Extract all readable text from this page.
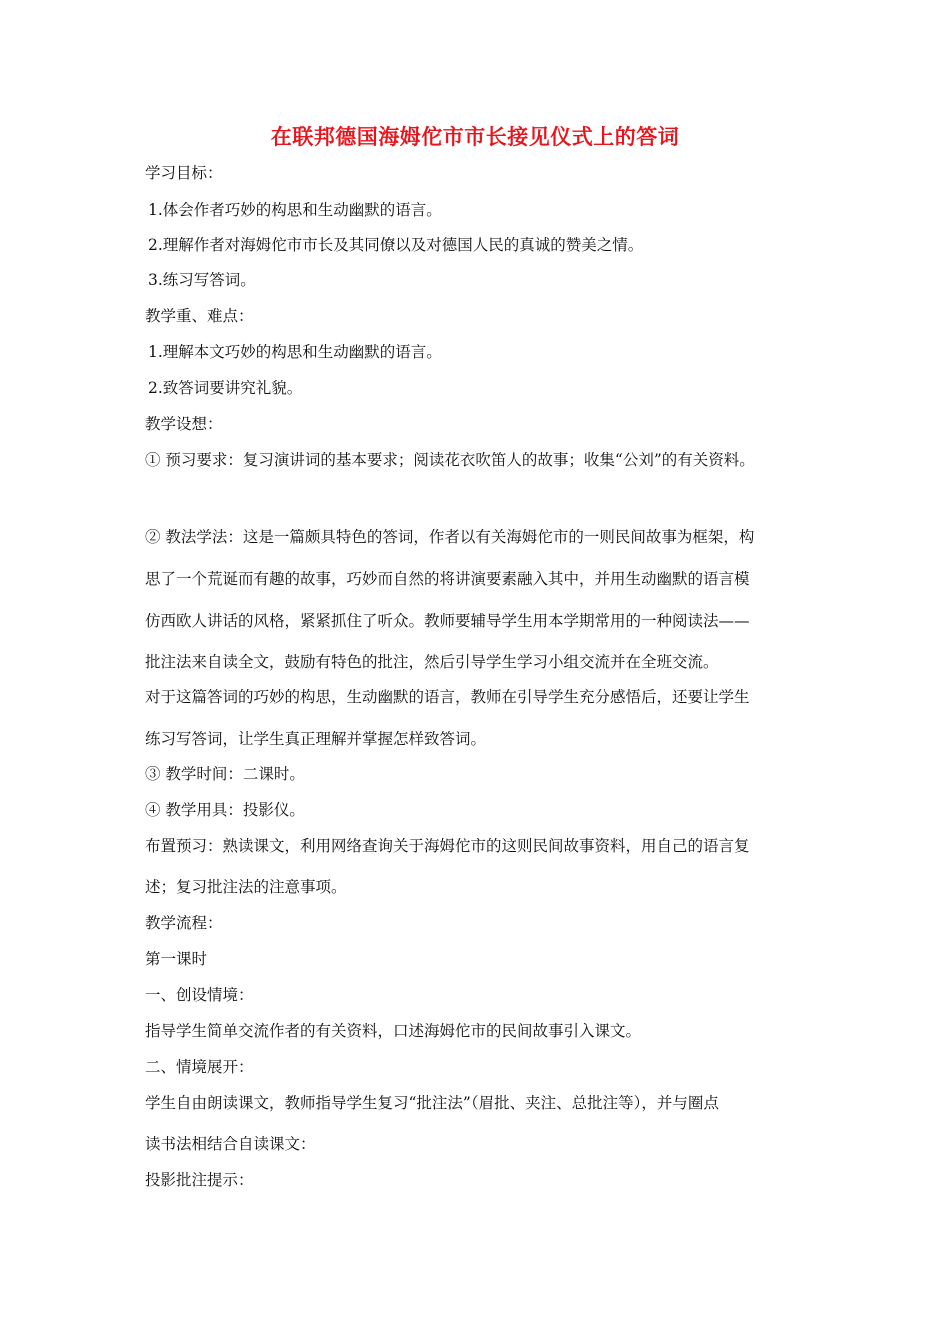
在联邦德国海姆佗市市长接见仪式上的答词
学习目标：
1.体会作者巧妙的构思和生动幽默的语言。
2.理解作者对海姆佗市市长及其同僚以及对德国人民的真诚的赞美之情。
3.练习写答词。
教学重、难点：
1.理解本文巧妙的构思和生动幽默的语言。
2.致答词要讲究礼貌。
教学设想：
① 预习要求：复习演讲词的基本要求；阅读花衣吹笛人的故事；收集“公刘”的有关资料。
② 教法学法：这是一篇颇具特色的答词，作者以有关海姆佗市的一则民间故事为框架，构
思了一个荒诞而有趣的故事，巧妙而自然的将讲演要素融入其中，并用生动幽默的语言模
仿西欧人讲话的风格，紧紧抓住了听众。教师要辅导学生用本学期常用的一种阅读法——
批注法来自读全文，鼓励有特色的批注，然后引导学生学习小组交流并在全班交流。
对于这篇答词的巧妙的构思，生动幽默的语言，教师在引导学生充分感悟后，还要让学生
练习写答词，让学生真正理解并掌握怎样致答词。
③ 教学时间：二课时。
④ 教学用具：投影仪。
布置预习：熟读课文，利用网络查询关于海姆佗市的这则民间故事资料，用自己的语言复
述；复习批注法的注意事项。
教学流程：
第一课时
一、创设情境：
指导学生简单交流作者的有关资料，口述海姆佗市的民间故事引入课文。
二、情境展开：
学生自由朗读课文，教师指导学生复习“批注法”（眉批、夹注、总批注等），并与圈点
读书法相结合自读课文：
投影批注提示：
